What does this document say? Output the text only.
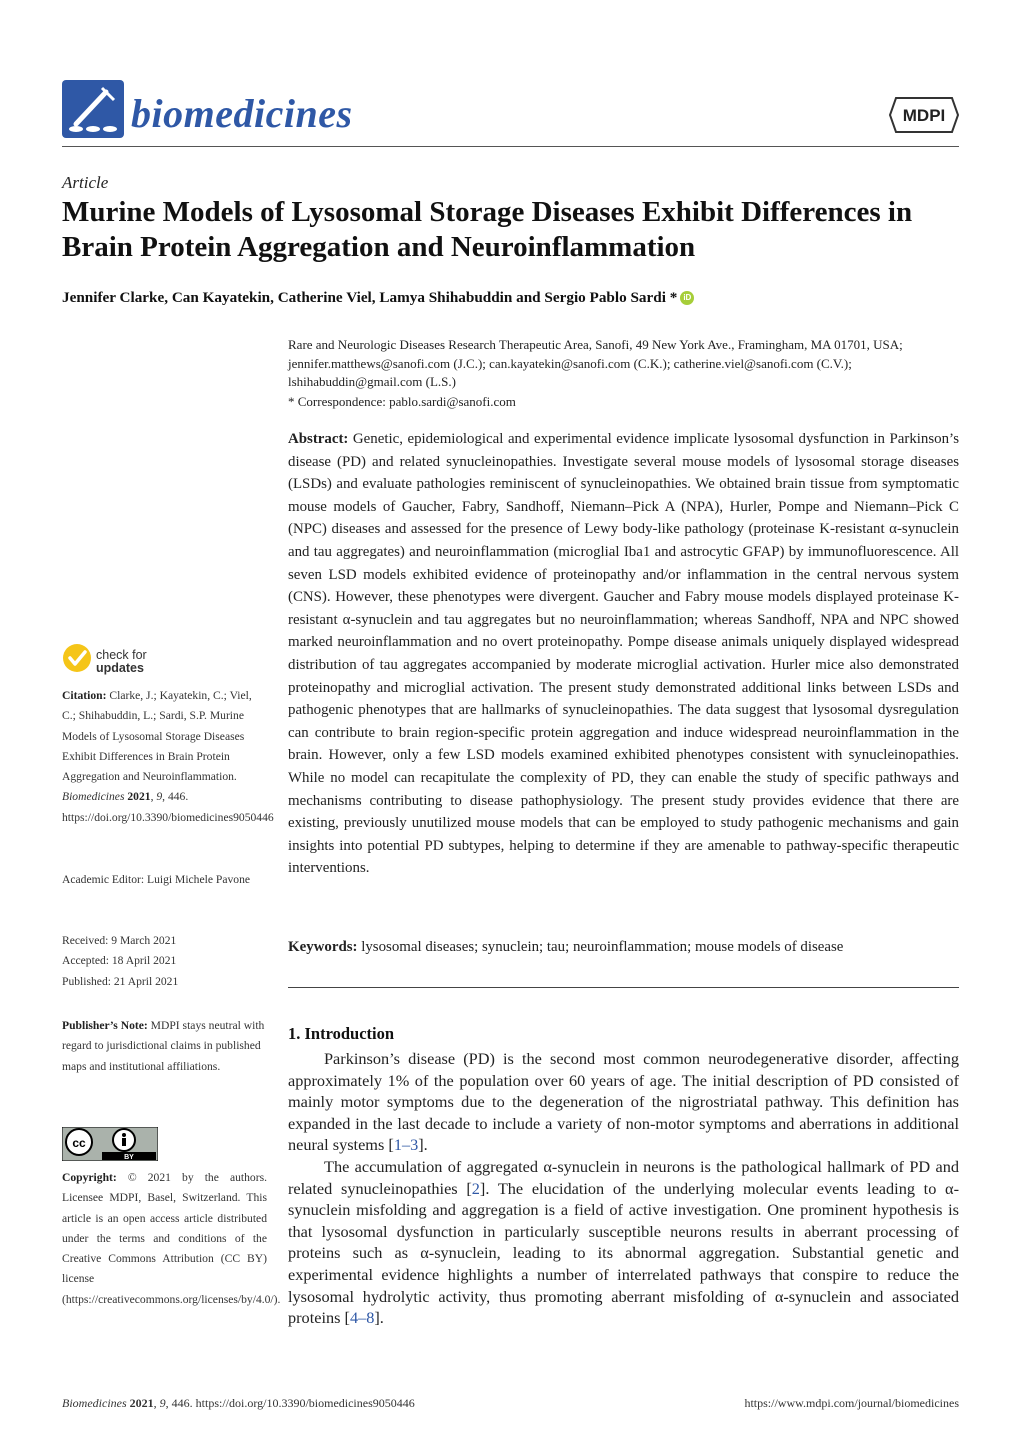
biomedicines	MDPI
Article
Murine Models of Lysosomal Storage Diseases Exhibit Differences in Brain Protein Aggregation and Neuroinflammation
Jennifer Clarke, Can Kayatekin, Catherine Viel, Lamya Shihabuddin and Sergio Pablo Sardi * iD
Rare and Neurologic Diseases Research Therapeutic Area, Sanofi, 49 New York Ave., Framingham, MA 01701, USA; jennifer.matthews@sanofi.com (J.C.); can.kayatekin@sanofi.com (C.K.); catherine.viel@sanofi.com (C.V.); lshihabuddin@gmail.com (L.S.)
* Correspondence: pablo.sardi@sanofi.com
Abstract: Genetic, epidemiological and experimental evidence implicate lysosomal dysfunction in Parkinson’s disease (PD) and related synucleinopathies. Investigate several mouse models of lysosomal storage diseases (LSDs) and evaluate pathologies reminiscent of synucleinopathies. We obtained brain tissue from symptomatic mouse models of Gaucher, Fabry, Sandhoff, Niemann–Pick A (NPA), Hurler, Pompe and Niemann–Pick C (NPC) diseases and assessed for the presence of Lewy body-like pathology (proteinase K-resistant α-synuclein and tau aggregates) and neuroinflammation (microglial Iba1 and astrocytic GFAP) by immunofluorescence. All seven LSD models exhibited evidence of proteinopathy and/or inflammation in the central nervous system (CNS). However, these phenotypes were divergent. Gaucher and Fabry mouse models displayed proteinase K-resistant α-synuclein and tau aggregates but no neuroinflammation; whereas Sandhoff, NPA and NPC showed marked neuroinflammation and no overt proteinopathy. Pompe disease animals uniquely displayed widespread distribution of tau aggregates accompanied by moderate microglial activation. Hurler mice also demonstrated proteinopathy and microglial activation. The present study demonstrated additional links between LSDs and pathogenic phenotypes that are hallmarks of synucleinopathies. The data suggest that lysosomal dysregulation can contribute to brain region-specific protein aggregation and induce widespread neuroinflammation in the brain. However, only a few LSD models examined exhibited phenotypes consistent with synucleinopathies. While no model can recapitulate the complexity of PD, they can enable the study of specific pathways and mechanisms contributing to disease pathophysiology. The present study provides evidence that there are existing, previously unutilized mouse models that can be employed to study pathogenic mechanisms and gain insights into potential PD subtypes, helping to determine if they are amenable to pathway-specific therapeutic interventions.
Keywords: lysosomal diseases; synuclein; tau; neuroinflammation; mouse models of disease
1. Introduction

Parkinson’s disease (PD) is the second most common neurodegenerative disorder, affecting approximately 1% of the population over 60 years of age. The initial description of PD consisted of mainly motor symptoms due to the degeneration of the nigrostriatal pathway. This definition has expanded in the last decade to include a variety of non-motor symptoms and aberrations in additional neural systems [1–3].

The accumulation of aggregated α-synuclein in neurons is the pathological hallmark of PD and related synucleinopathies [2]. The elucidation of the underlying molecular events leading to α-synuclein misfolding and aggregation is a field of active investigation. One prominent hypothesis is that lysosomal dysfunction in particularly susceptible neurons results in aberrant processing of proteins such as α-synuclein, leading to its abnormal aggregation. Substantial genetic and experimental evidence highlights a number of interrelated pathways that conspire to reduce the lysosomal hydrolytic activity, thus promoting aberrant misfolding of α-synuclein and associated proteins [4–8].

check for
updates
Citation: Clarke, J.; Kayatekin, C.; Viel, C.; Shihabuddin, L.; Sardi, S.P. Murine Models of Lysosomal Storage Diseases Exhibit Differences in Brain Protein Aggregation and Neuroinflammation. Biomedicines 2021, 9, 446. https://doi.org/10.3390/biomedicines9050446
Academic Editor: Luigi Michele Pavone
Received: 9 March 2021
Accepted: 18 April 2021
Published: 21 April 2021
Publisher’s Note: MDPI stays neutral with regard to jurisdictional claims in published maps and institutional affiliations.
cc
BY
Copyright: © 2021 by the authors. Licensee MDPI, Basel, Switzerland. This article is an open access article distributed under the terms and conditions of the Creative Commons Attribution (CC BY) license (https://creativecommons.org/licenses/by/4.0/).
Biomedicines 2021, 9, 446. https://doi.org/10.3390/biomedicines9050446	https://www.mdpi.com/journal/biomedicines
